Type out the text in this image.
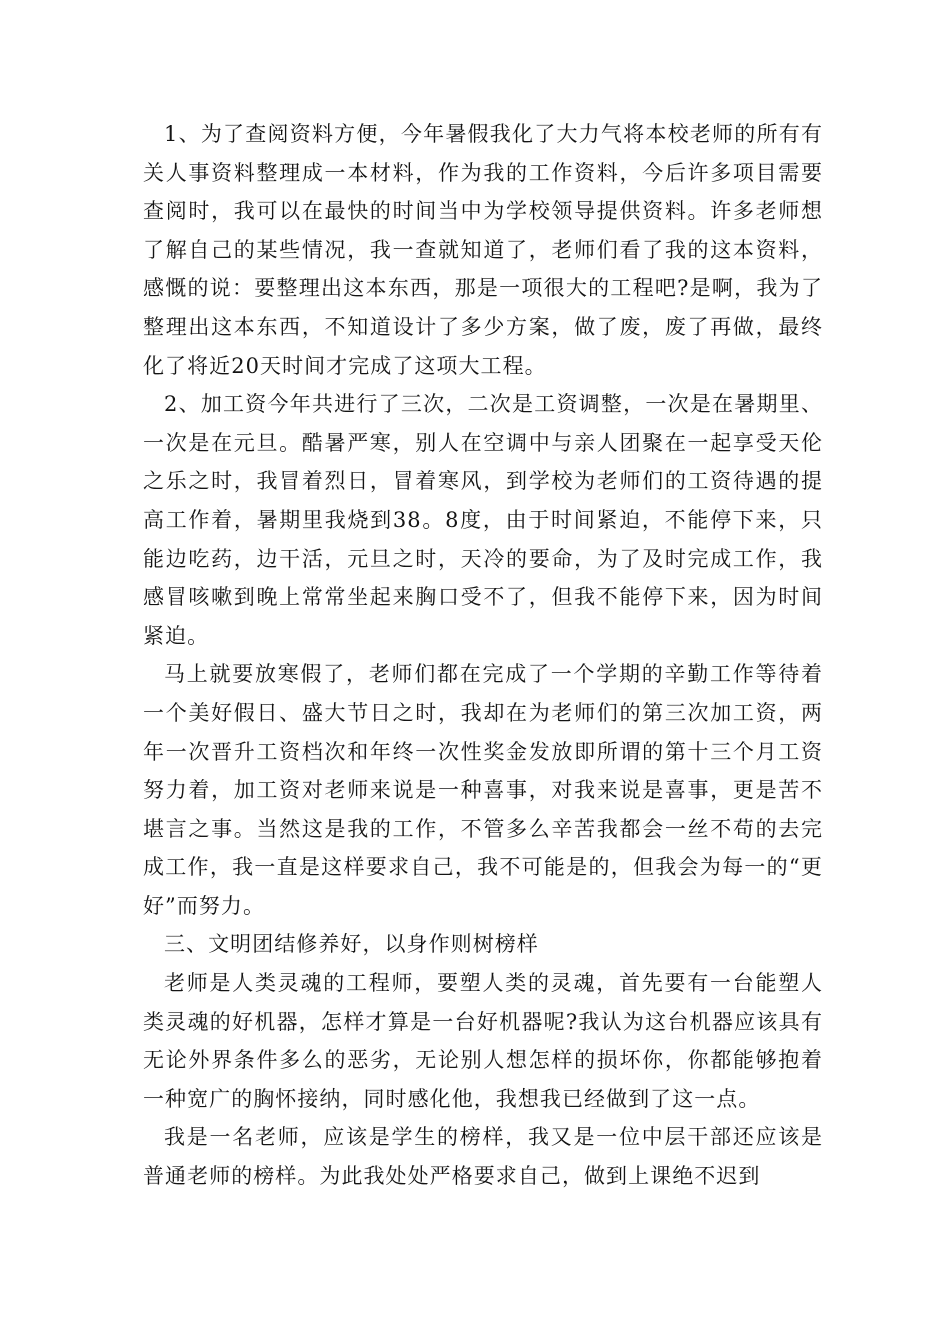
1、为了查阅资料方便，今年暑假我化了大力气将本校老师的所有有关人事资料整理成一本材料，作为我的工作资料，今后许多项目需要查阅时，我可以在最快的时间当中为学校领导提供资料。许多老师想了解自己的某些情况，我一查就知道了，老师们看了我的这本资料，感慨的说：要整理出这本东西，那是一项很大的工程吧?是啊，我为了整理出这本东西，不知道设计了多少方案，做了废，废了再做，最终化了将近20天时间才完成了这项大工程。

2、加工资今年共进行了三次，二次是工资调整，一次是在暑期里、一次是在元旦。酷暑严寒，别人在空调中与亲人团聚在一起享受天伦之乐之时，我冒着烈日，冒着寒风，到学校为老师们的工资待遇的提高工作着，暑期里我烧到38。8度，由于时间紧迫，不能停下来，只能边吃药，边干活，元旦之时，天冷的要命，为了及时完成工作，我感冒咳嗽到晚上常常坐起来胸口受不了，但我不能停下来，因为时间紧迫。

马上就要放寒假了，老师们都在完成了一个学期的辛勤工作等待着一个美好假日、盛大节日之时，我却在为老师们的第三次加工资，两年一次晋升工资档次和年终一次性奖金发放即所谓的第十三个月工资努力着，加工资对老师来说是一种喜事，对我来说是喜事，更是苦不堪言之事。当然这是我的工作，不管多么辛苦我都会一丝不苟的去完成工作，我一直是这样要求自己，我不可能是的，但我会为每一的“更好”而努力。

三、文明团结修养好，以身作则树榜样

老师是人类灵魂的工程师，要塑人类的灵魂，首先要有一台能塑人类灵魂的好机器，怎样才算是一台好机器呢?我认为这台机器应该具有无论外界条件多么的恶劣，无论别人想怎样的损坏你，你都能够抱着一种宽广的胸怀接纳，同时感化他，我想我已经做到了这一点。

我是一名老师，应该是学生的榜样，我又是一位中层干部还应该是普通老师的榜样。为此我处处严格要求自己，做到上课绝不迟到
